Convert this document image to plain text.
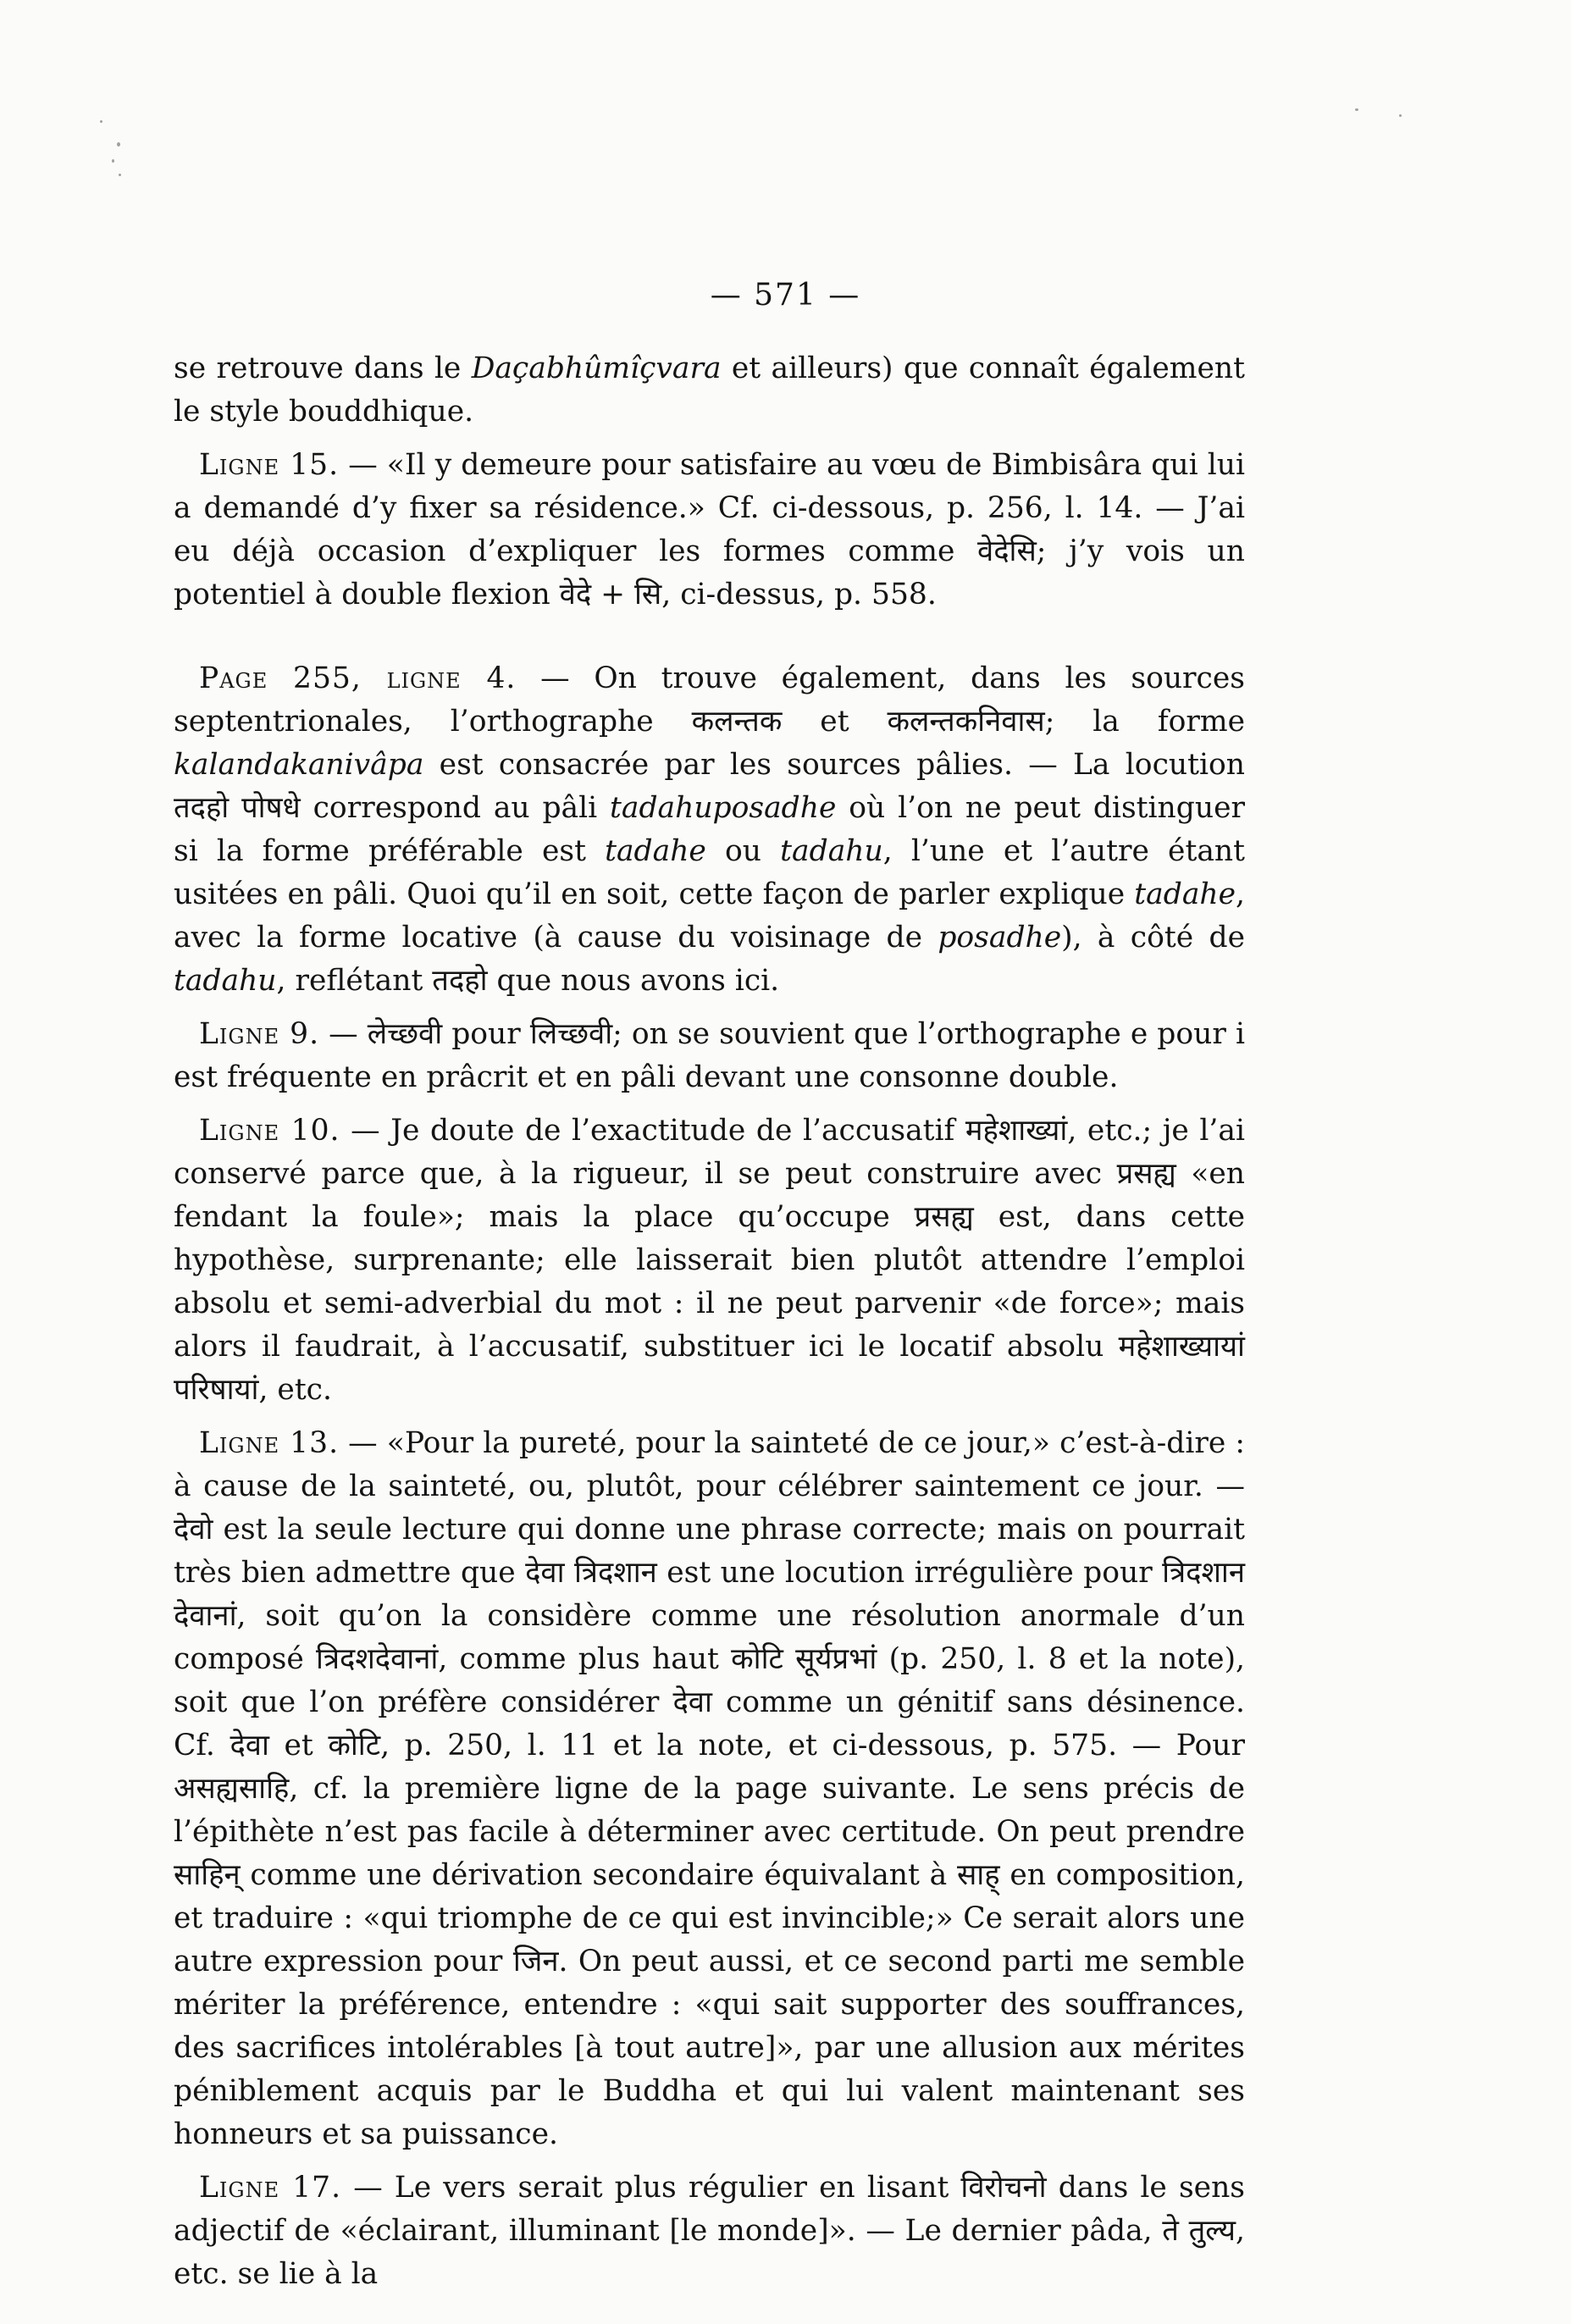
— 571 —

se retrouve dans le Daçabhûmîçvara et ailleurs) que connaît également le style bouddhique.

Ligne 15. — «Il y demeure pour satisfaire au vœu de Bimbisâra qui lui a demandé d’y fixer sa résidence.» Cf. ci-dessous, p. 256, l. 14. — J’ai eu déjà occasion d’expliquer les formes comme वेदेसि; j’y vois un potentiel à double flexion वेदे + सि, ci-dessus, p. 558.

Page 255, ligne 4. — On trouve également, dans les sources septentrionales, l’orthographe कलन्तक et कलन्तकनिवास; la forme kalandakanivâpa est consacrée par les sources pâlies. — La locution तदहो पोषधे correspond au pâli tadahuposadhe où l’on ne peut distinguer si la forme préférable est tadahe ou tadahu, l’une et l’autre étant usitées en pâli. Quoi qu’il en soit, cette façon de parler explique tadahe, avec la forme locative (à cause du voisinage de posadhe), à côté de tadahu, reflétant तदहो que nous avons ici.

Ligne 9. — लेच्छवी pour लिच्छवी; on se souvient que l’orthographe e pour i est fréquente en prâcrit et en pâli devant une consonne double.

Ligne 10. — Je doute de l’exactitude de l’accusatif महेशाख्यां, etc.; je l’ai conservé parce que, à la rigueur, il se peut construire avec प्रसह्य «en fendant la foule»; mais la place qu’occupe प्रसह्य est, dans cette hypothèse, surprenante; elle laisserait bien plutôt attendre l’emploi absolu et semi-adverbial du mot : il ne peut parvenir «de force»; mais alors il faudrait, à l’accusatif, substituer ici le locatif absolu महेशाख्यायां परिषायां, etc.

Ligne 13. — «Pour la pureté, pour la sainteté de ce jour,» c’est-à-dire : à cause de la sainteté, ou, plutôt, pour célébrer saintement ce jour. — देवो est la seule lecture qui donne une phrase correcte; mais on pourrait très bien admettre que देवा त्रिदशान est une locution irrégulière pour त्रिदशान देवानां, soit qu’on la considère comme une résolution anormale d’un composé त्रिदशदेवानां, comme plus haut कोटि सूर्यप्रभां (p. 250, l. 8 et la note), soit que l’on préfère considérer देवा comme un génitif sans désinence. Cf. देवा et कोटि, p. 250, l. 11 et la note, et ci-dessous, p. 575. — Pour असह्यसाहि, cf. la première ligne de la page suivante. Le sens précis de l’épithète n’est pas facile à déterminer avec certitude. On peut prendre साहिन् comme une dérivation secondaire équivalant à साह् en composition, et traduire : «qui triomphe de ce qui est invincible;» Ce serait alors une autre expression pour जिन. On peut aussi, et ce second parti me semble mériter la préférence, entendre : «qui sait supporter des souffrances, des sacrifices intolérables [à tout autre]», par une allusion aux mérites péniblement acquis par le Buddha et qui lui valent maintenant ses honneurs et sa puissance.

Ligne 17. — Le vers serait plus régulier en lisant विरोचनो dans le sens adjectif de «éclairant, illuminant [le monde]». — Le dernier pâda, ते तुल्य, etc. se lie à la
